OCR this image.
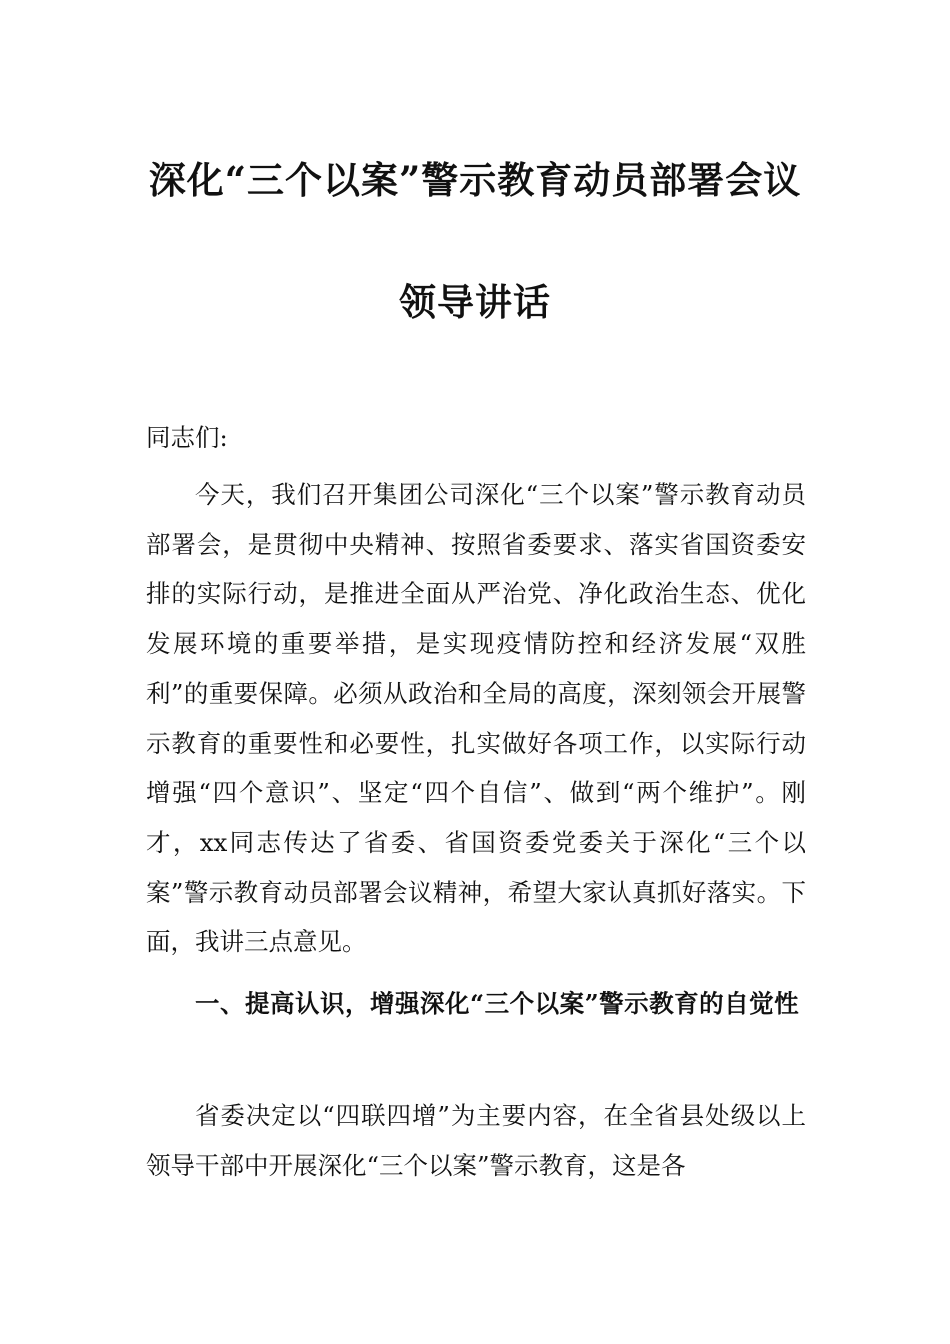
深化“三个以案”警示教育动员部署会议
领导讲话

同志们:

今天，我们召开集团公司深化“三个以案”警示教育动员部署会，是贯彻中央精神、按照省委要求、落实省国资委安排的实际行动，是推进全面从严治党、净化政治生态、优化发展环境的重要举措，是实现疫情防控和经济发展“双胜利”的重要保障。必须从政治和全局的高度，深刻领会开展警示教育的重要性和必要性，扎实做好各项工作，以实际行动增强“四个意识”、坚定“四个自信”、做到“两个维护”。刚才，xx同志传达了省委、省国资委党委关于深化“三个以案”警示教育动员部署会议精神，希望大家认真抓好落实。下面，我讲三点意见。

一、提高认识，增强深化“三个以案”警示教育的自觉性

省委决定以“四联四增”为主要内容，在全省县处级以上领导干部中开展深化“三个以案”警示教育，这是各
